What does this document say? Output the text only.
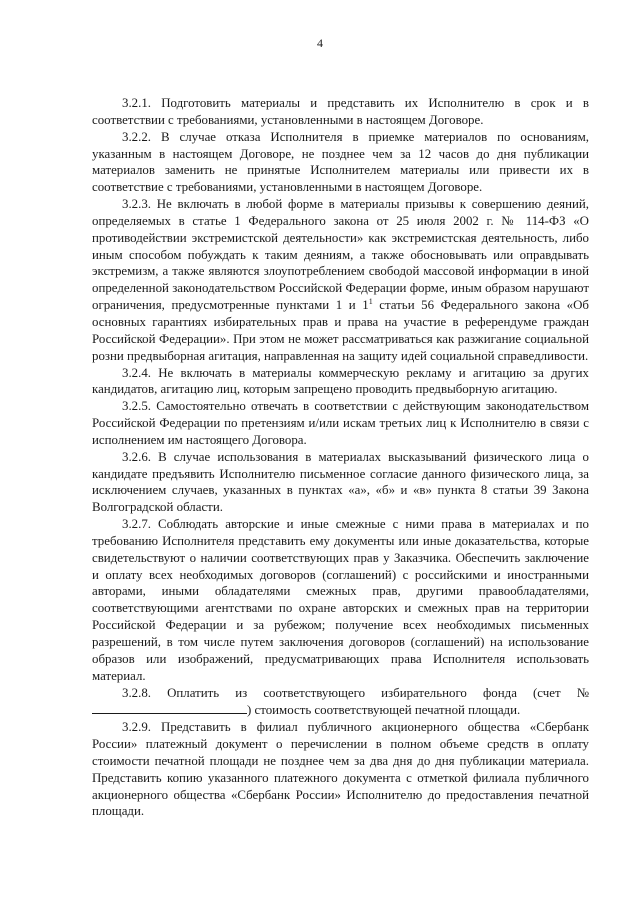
4

3.2.1. Подготовить материалы и представить их Исполнителю в срок и в соответствии с требованиями, установленными в настоящем Договоре.

3.2.2. В случае отказа Исполнителя в приемке материалов по основаниям, указанным в настоящем Договоре, не позднее чем за 12 часов до дня публикации материалов заменить не принятые Исполнителем материалы или привести их в соответствие с требованиями, установленными в настоящем Договоре.

3.2.3. Не включать в любой форме в материалы призывы к совершению деяний, определяемых в статье 1 Федерального закона от 25 июля 2002 г. № 114-ФЗ «О противодействии экстремистской деятельности» как экстремистская деятельность, либо иным способом побуждать к таким деяниям, а также обосновывать или оправдывать экстремизм, а также являются злоупотреблением свободой массовой информации в иной определенной законодательством Российской Федерации форме, иным образом нарушают ограничения, предусмотренные пунктами 1 и $1^1$ статьи 56 Федерального закона «Об основных гарантиях избирательных прав и права на участие в референдуме граждан Российской Федерации». При этом не может рассматриваться как разжигание социальной розни предвыборная агитация, направленная на защиту идей социальной справедливости.

3.2.4. Не включать в материалы коммерческую рекламу и агитацию за других кандидатов, агитацию лиц, которым запрещено проводить предвыборную агитацию.

3.2.5. Самостоятельно отвечать в соответствии с действующим законодательством Российской Федерации по претензиям и/или искам третьих лиц к Исполнителю в связи с исполнением им настоящего Договора.

3.2.6. В случае использования в материалах высказываний физического лица о кандидате предъявить Исполнителю письменное согласие данного физического лица, за исключением случаев, указанных в пунктах «а», «б» и «в» пункта 8 статьи 39 Закона Волгоградской области.

3.2.7. Соблюдать авторские и иные смежные с ними права в материалах и по требованию Исполнителя представить ему документы или иные доказательства, которые свидетельствуют о наличии соответствующих прав у Заказчика. Обеспечить заключение и оплату всех необходимых договоров (соглашений) с российскими и иностранными авторами, иными обладателями смежных прав, другими правообладателями, соответствующими агентствами по охране авторских и смежных прав на территории Российской Федерации и за рубежом; получение всех необходимых письменных разрешений, в том числе путем заключения договоров (соглашений) на использование образов или изображений, предусматривающих права Исполнителя использовать материал.

3.2.8. Оплатить из соответствующего избирательного фонда (счет №) стоимость соответствующей печатной площади.

3.2.9. Представить в филиал публичного акционерного общества «Сбербанк России» платежный документ о перечислении в полном объеме средств в оплату стоимости печатной площади не позднее чем за два дня до дня публикации материала. Представить копию указанного платежного документа с отметкой филиала публичного акционерного общества «Сбербанк России» Исполнителю до предоставления печатной площади.
